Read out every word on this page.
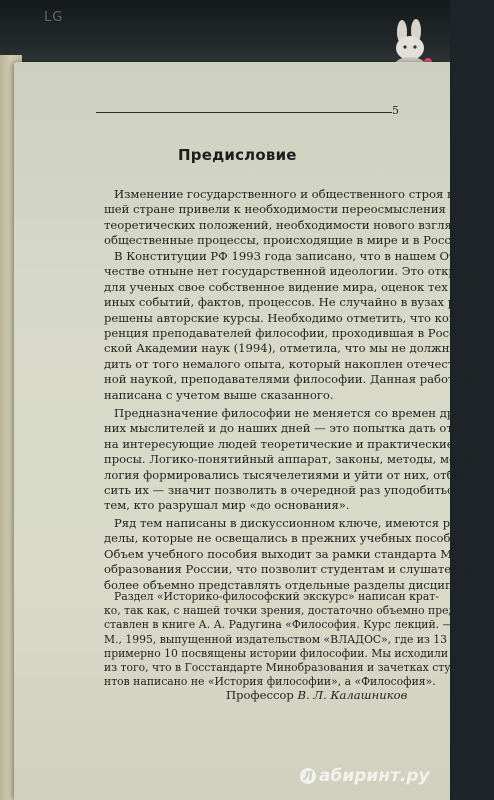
LG
5
Предисловие
Изменение государственного и общественного строя в на-
шей стране привели к необходимости переосмысления многих
теоретических положений, необходимости нового взгляда на
общественные процессы, происходящие в мире и в России.
В Конституции РФ 1993 года записано, что в нашем Оте-
честве отныне нет государственной идеологии. Это открывает
для ученых свое собственное видение мира, оценок тех или
иных событий, фактов, процессов. Не случайно в вузах раз-
решены авторские курсы. Необходимо отметить, что конфе-
ренция преподавателей философии, проходившая в Россий-
ской Академии наук (1994), отметила, что мы не должны ухо-
дить от того немалого опыта, который накоплен отечествен-
ной наукой, преподавателями философии. Данная работа и
написана с учетом выше сказанного.
Предназначение философии не меняется со времен древ-
них мыслителей и до наших дней — это попытка дать ответ
на интересующие людей теоретические и практические во-
просы. Логико-понятийный аппарат, законы, методы, методо-
логия формировались тысячелетиями и уйти от них, отбро-
сить их — значит позволить в очередной раз уподобиться
тем, кто разрушал мир «до основания».
Ряд тем написаны в дискуссионном ключе, имеются раз-
делы, которые не освещались в прежних учебных пособиях.
Объем учебного пособия выходит за рамки стандарта Мин-
образования России, что позволит студентам и слушателям
более объемно представлять отдельные разделы дисциплины.
Раздел «Историко-философский экскурс» написан крат-
ко, так как, с нашей точки зрения, достаточно объемно пред-
ставлен в книге А. А. Радугина «Философия. Курс лекций. —
М., 1995, выпущенной издательством «ВЛАДОС», где из 13 глав
примерно 10 посвящены истории философии. Мы исходили
из того, что в Госстандарте Минобразования и зачетках студе-
нтов написано не «История философии», а «Философия».
Профессор В. Л. Калашников
Л абиринт.ру
